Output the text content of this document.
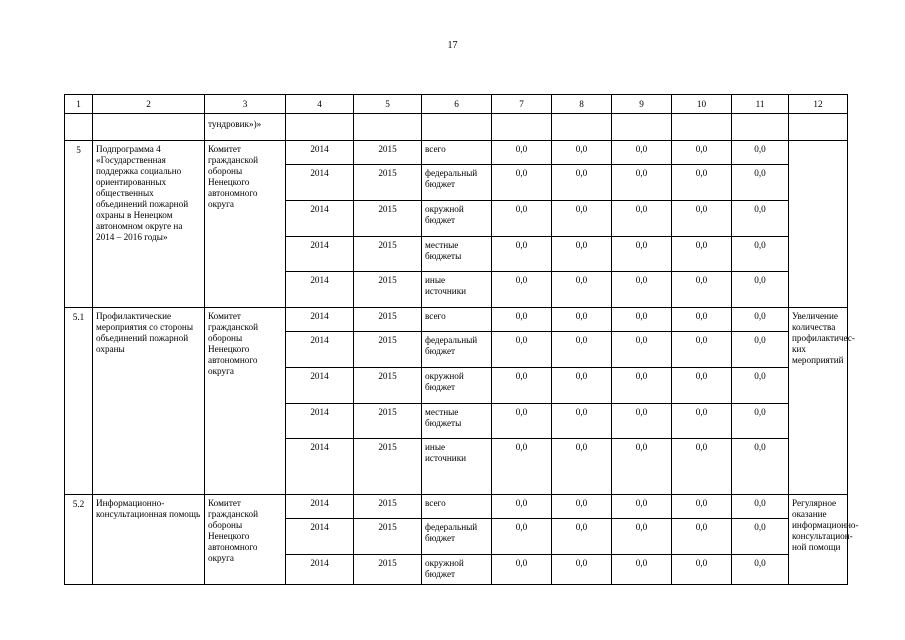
17
1	2	3	4	5	6	7	8	9	10	11	12
		тундровик»)»									
5	Подпрограмма 4 «Государственная поддержка социально ориентированных общественных объединений пожарной охраны в Ненецком автономном округе на 2014 – 2016 годы»	Комитет гражданской обороны Ненецкого автономного округа	2014	2015	всего	0,0	0,0	0,0	0,0	0,0	
			2014	2015	федеральный бюджет	0,0	0,0	0,0	0,0	0,0	
			2014	2015	окружной бюджет	0,0	0,0	0,0	0,0	0,0	
			2014	2015	местные бюджеты	0,0	0,0	0,0	0,0	0,0	
			2014	2015	иные источники	0,0	0,0	0,0	0,0	0,0	
5.1	Профилактические мероприятия со стороны объединений пожарной охраны	Комитет гражданской обороны Ненецкого автономного округа	2014	2015	всего	0,0	0,0	0,0	0,0	0,0	Увеличение количества профилактичес-ких мероприятий
			2014	2015	федеральный бюджет	0,0	0,0	0,0	0,0	0,0	
			2014	2015	окружной бюджет	0,0	0,0	0,0	0,0	0,0	
			2014	2015	местные бюджеты	0,0	0,0	0,0	0,0	0,0	
			2014	2015	иные источники	0,0	0,0	0,0	0,0	0,0	
5.2	Информационно-консультационная помощь	Комитет гражданской обороны Ненецкого автономного округа	2014	2015	всего	0,0	0,0	0,0	0,0	0,0	Регулярное оказание информационно-консультацион-ной помощи
			2014	2015	федеральный бюджет	0,0	0,0	0,0	0,0	0,0	
			2014	2015	окружной бюджет	0,0	0,0	0,0	0,0	0,0	
